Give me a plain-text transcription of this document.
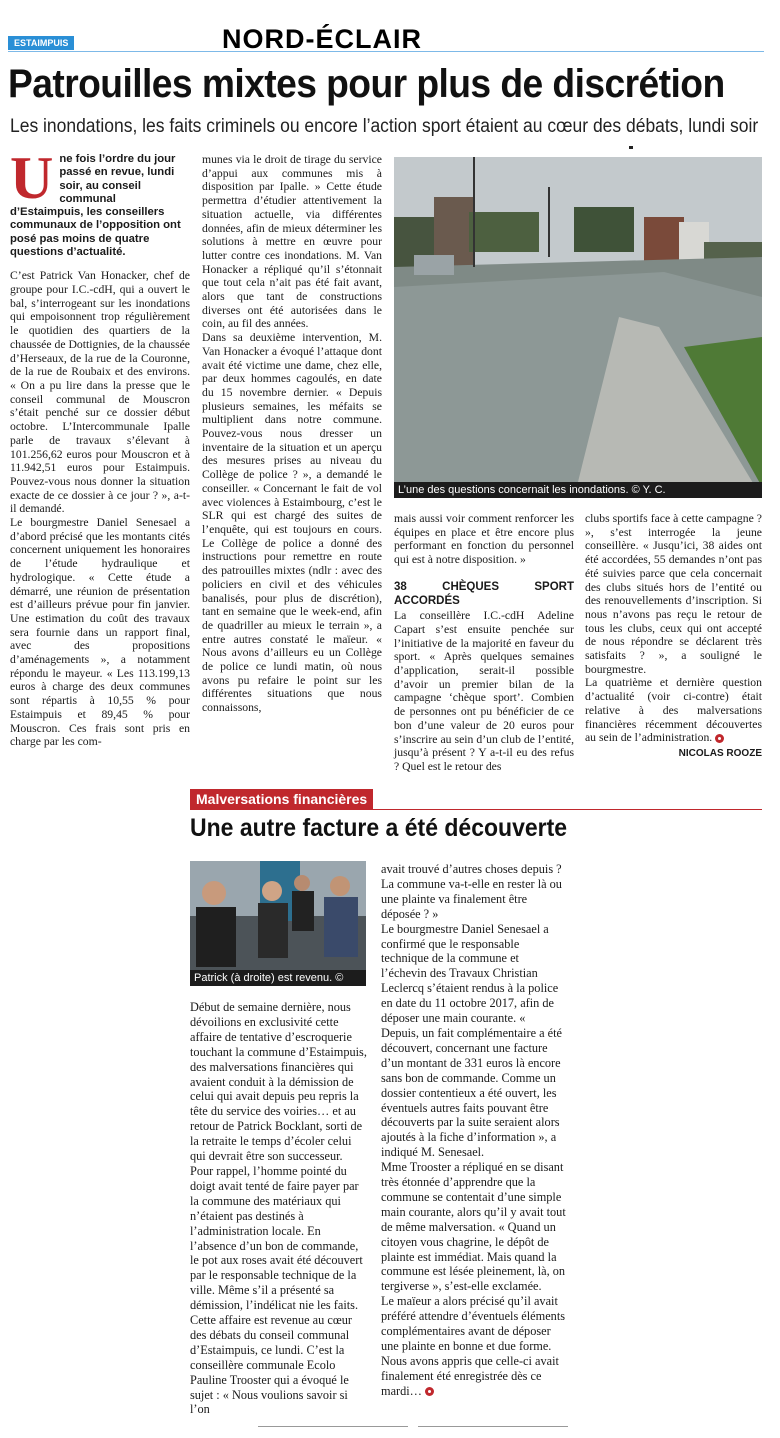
ESTAIMPUIS	NORD-ÉCLAIR
Patrouilles mixtes pour plus de discrétion
Les inondations, les faits criminels ou encore l’action sport étaient au cœur des débats, lundi soir
Une fois l’ordre du jour passé en revue, lundi soir, au conseil communal d’Estaimpuis, les conseillers communaux de l’opposition ont posé pas moins de quatre questions d’actualité.

C’est Patrick Van Honacker, chef de groupe pour I.C.-cdH, qui a ouvert le bal, s’interrogeant sur les inondations qui empoisonnent trop régulièrement le quotidien des quartiers de la chaussée de Dottignies, de la chaussée d’Herseaux, de la rue de la Couronne, de la rue de Roubaix et des environs. « On a pu lire dans la presse que le conseil communal de Mouscron s’était penché sur ce dossier début octobre. L’Intercommunale Ipalle parle de travaux s’élevant à 101.256,62 euros pour Mouscron et à 11.942,51 euros pour Estaimpuis. Pouvez-vous nous donner la situation exacte de ce dossier à ce jour ? », a-t-il demandé.

Le bourgmestre Daniel Senesael a d’abord précisé que les montants cités concernent uniquement les honoraires de l’étude hydraulique et hydrologique. « Cette étude a démarré, une réunion de présentation est d’ailleurs prévue pour fin janvier. Une estimation du coût des travaux sera fournie dans un rapport final, avec des propositions d’aménagements », a notamment répondu le mayeur. « Les 113.199,13 euros à charge des deux communes sont répartis à 10,55 % pour Estaimpuis et 89,45 % pour Mouscron. Ces frais sont pris en charge par les com-

munes via le droit de tirage du service d’appui aux communes mis à disposition par Ipalle. » Cette étude permettra d’étudier attentivement la situation actuelle, via différentes données, afin de mieux déterminer les solutions à mettre en œuvre pour lutter contre ces inondations. M. Van Honacker a répliqué qu’il s’étonnait que tout cela n’ait pas été fait avant, alors que tant de constructions diverses ont été autorisées dans le coin, au fil des années.

Dans sa deuxième intervention, M. Van Honacker a évoqué l’attaque dont avait été victime une dame, chez elle, par deux hommes cagoulés, en date du 15 novembre dernier. « Depuis plusieurs semaines, les méfaits se multiplient dans notre commune. Pouvez-vous nous dresser un inventaire de la situation et un aperçu des mesures prises au niveau du Collège de police ? », a demandé le conseiller. « Concernant le fait de vol avec violences à Estaimbourg, c’est le SLR qui est chargé des suites de l’enquête, qui est toujours en cours. Le Collège de police a donné des instructions pour remettre en route des patrouilles mixtes (ndlr : avec des policiers en civil et des véhicules banalisés, pour plus de discrétion), tant en semaine que le week-end, afin de quadriller au mieux le terrain », a entre autres constaté le maïeur. « Nous avons d’ailleurs eu un Collège de police ce lundi matin, où nous avons pu refaire le point sur les différentes situations que nous connaissons,

L’une des questions concernait les inondations. © Y. C.

mais aussi voir comment renforcer les équipes en place et être encore plus performant en fonction du personnel qui est à notre disposition. »

38 CHÈQUES SPORT ACCORDÉS

La conseillère I.C.-cdH Adeline Capart s’est ensuite penchée sur l’initiative de la majorité en faveur du sport. « Après quelques semaines d’application, serait-il possible d’avoir un premier bilan de la campagne ‘chèque sport’. Combien de personnes ont pu bénéficier de ce bon d’une valeur de 20 euros pour s’inscrire au sein d’un club de l’entité, jusqu’à présent ? Y a-t-il eu des refus ? Quel est le retour des

clubs sportifs face à cette campagne ? », s’est interrogée la jeune conseillère. « Jusqu’ici, 38 aides ont été accordées, 55 demandes n’ont pas été suivies parce que cela concernait des clubs situés hors de l’entité ou des renouvellements d’inscription. Si nous n’avons pas reçu le retour de tous les clubs, ceux qui ont accepté de nous répondre se déclarent très satisfaits ? », a souligné le bourgmestre.

La quatrième et dernière question d’actualité (voir ci-contre) était relative à des malversations financières récemment découvertes au sein de l’administration.

NICOLAS ROOZE
Malversations financières
Une autre facture a été découverte
Patrick (à droite) est revenu. ©

Début de semaine dernière, nous dévoilions en exclusivité cette affaire de tentative d’escroquerie touchant la commune d’Estaimpuis, des malversations financières qui avaient conduit à la démission de celui qui avait depuis peu repris la tête du service des voiries… et au retour de Patrick Bocklant, sorti de la retraite le temps d’écoler celui qui devrait être son successeur.

Pour rappel, l’homme pointé du doigt avait tenté de faire payer par la commune des matériaux qui n’étaient pas destinés à l’administration locale. En l’absence d’un bon de commande, le pot aux roses avait été découvert par le responsable technique de la ville. Même s’il a présenté sa démission, l’indélicat nie les faits. Cette affaire est revenue au cœur des débats du conseil communal d’Estaimpuis, ce lundi. C’est la conseillère communale Ecolo Pauline Trooster qui a évoqué le sujet : « Nous voulions savoir si l’on

avait trouvé d’autres choses depuis ? La commune va-t-elle en rester là ou une plainte va finalement être déposée ? »

Le bourgmestre Daniel Senesael a confirmé que le responsable technique de la commune et l’échevin des Travaux Christian Leclercq s’étaient rendus à la police en date du 11 octobre 2017, afin de déposer une main courante. « Depuis, un fait complémentaire a été découvert, concernant une facture d’un montant de 331 euros là encore sans bon de commande. Comme un dossier contentieux a été ouvert, les éventuels autres faits pouvant être découverts par la suite seraient alors ajoutés à la fiche d’information », a indiqué M. Senesael.

Mme Trooster a répliqué en se disant très étonnée d’apprendre que la commune se contentait d’une simple main courante, alors qu’il y avait tout de même malversation. « Quand un citoyen vous chagrine, le dépôt de plainte est immédiat. Mais quand la commune est lésée pleinement, là, on tergiverse », s’est-elle exclamée.

Le maïeur a alors précisé qu’il avait préféré attendre d’éventuels éléments complémentaires avant de déposer une plainte en bonne et due forme. Nous avons appris que celle-ci avait finalement été enregistrée dès ce mardi…
